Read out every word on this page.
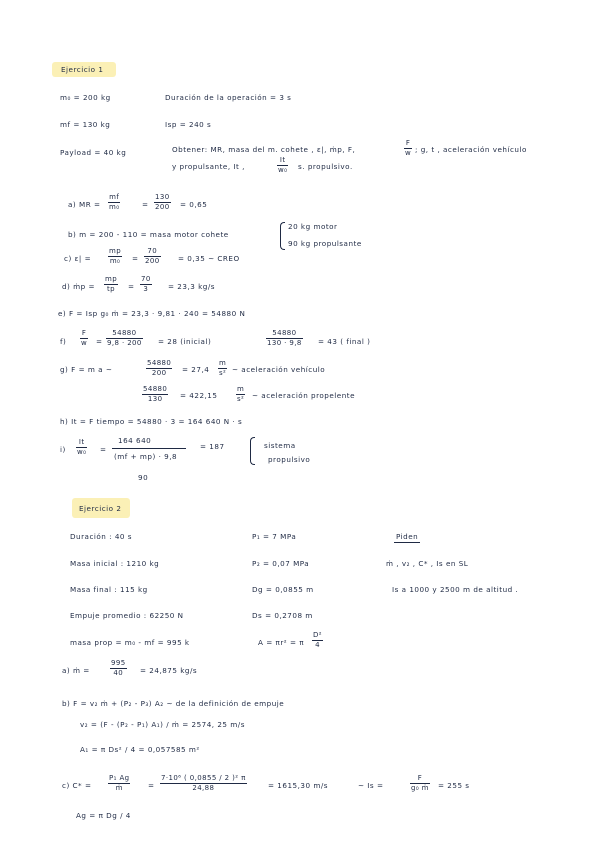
Ejercicio 1
m₀ = 200 kg	Duración de la operación = 3 s
mf = 130 kg	Isp = 240 s
Payload = 40 kg	Obtener: MR, masa del m. cohete , ɛ|, ṁp, F,
F
w ; g, t , aceleración vehículo
y propulsante, It ,
It
w₀ s. propulsivo.
a) MR =
mf
m₀	=
130
200 = 0,65
b) m = 200 - 110 = masa motor cohete
20 kg motor
90 kg propulsante
c) ɛ| =
mp
m₀ =
70
200	= 0,35 ~ CREO
d) ṁp =
mp
tp	=
70
3	= 23,3 kg/s
e) F = Isp g₀ ṁ = 23,3 · 9,81 · 240 = 54880 N
f)
F
w =
54880
9,8 · 200 = 28 (inicial)
54880
130 · 9,8 = 43 ( final )
g) F = m a ~
54880
200	= 27,4
m
s² ~ aceleración vehículo
54880
130	= 422,15
m
s² ~ aceleración propelente
h) It = F tiempo = 54880 · 3 = 164 640 N · s
i)
It
w₀ =
164 640
(mf + mp) · 9,8
90
= 187	sistema
propulsivo
Ejercicio 2
Duración : 40 s	P₁ = 7 MPa	Piden
Masa inicial : 1210 kg	P₂ = 0,07 MPa	ṁ , v₂ , C* , Is en SL
Masa final : 115 kg	Dg = 0,0855 m	Is a 1000 y 2500 m de altitud .
Empuje promedio : 62250 N	Ds = 0,2708 m
masa prop = m₀ - mf = 995 k	A = πr² = π
D²
4
a) ṁ =
995
40	= 24,875 kg/s
b) F = v₂ ṁ + (P₂ - P₃) A₂ ~ de la definición de empuje
v₂ = (F - (P₂ - P₁) A₁) / ṁ = 2574, 25 m/s
A₁ = π Ds² / 4 = 0,057585 m²
c) C* =
P₁ Ag
ṁ	=
7·10⁶ ( 0,0855 / 2 )² π
24,88	= 1615,30 m/s	~ Is =
F
g₀ ṁ = 255 s
Ag = π Dg / 4
